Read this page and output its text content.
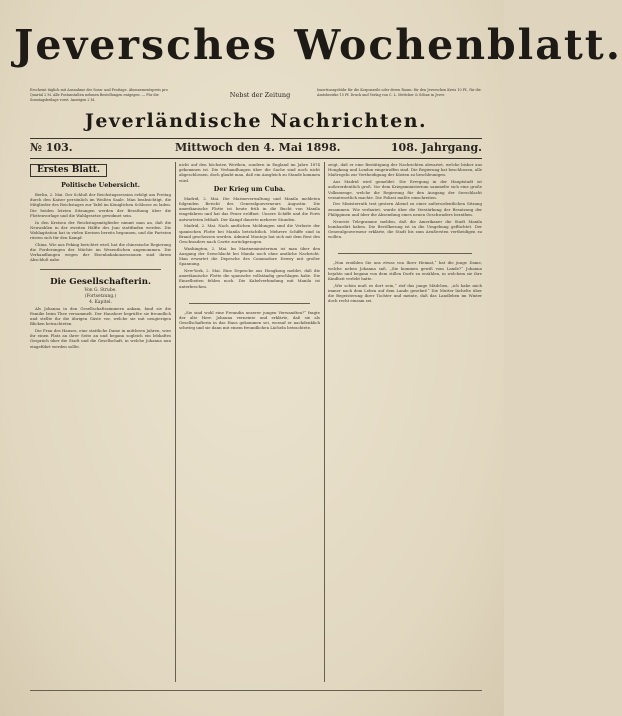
Jeversches Wochenblatt.
Erscheint täglich mit Ausnahme der Sonn- und Festtage. Abonnementspreis pro Quartal 2 M. Alle Postanstalten nehmen Bestellungen entgegen. — Für die Sonntagsbeilage vorst. Anzeigen 2 M.
Nebst der Zeitung
Insertionsgebühr für die Korpuszeile oder deren Raum: für den Jeverschen Kreis 10 Pf., für die Amtsbezirke 15 Pf. Druck und Verlag von C. L. Mettcker & Söhne in Jever.
Jeverländische Nachrichten.
№ 103.	Mittwoch den 4. Mai 1898.	108. Jahrgang.
Erstes Blatt.
Politische Uebersicht.

Berlin, 2. Mai. Der Schluß der Reichstagssession erfolgt am Freitag durch den Kaiser persönlich im Weißen Saale. Man beabsichtigt, die Mitglieder des Reichstages zur Tafel im Königlichen Schlosse zu laden. Die beiden letzten Sitzungen werden der Berathung über die Flottenvorlage und die Wahlgesetze gewidmet sein.

In den Kreisen der Reichstagsmitglieder nimmt man an, daß die Neuwahlen in der zweiten Hälfte des Juni stattfinden werden. Die Wahlagitation hat in vielen Kreisen bereits begonnen, und die Parteien rüsten sich für den Kampf.

China. Wie aus Peking berichtet wird, hat die chinesische Regierung die Forderungen der Mächte im Wesentlichen angenommen. Die Verhandlungen wegen der Eisenbahnkonzessionen sind ihrem Abschluß nahe.

Die Gesellschafterin.
Von G. Strube.
(Fortsetzung.)
4. Kapitel.

Als Johanna in den Gesellschaftszimmern ankam, fand sie die Familie beim Thee versammelt. Der Hausherr begrüßte sie freundlich und stellte ihr die übrigen Gäste vor, welche sie mit neugierigen Blicken betrachteten.

Die Frau des Hauses, eine stattliche Dame in mittleren Jahren, wies ihr einen Platz an ihrer Seite an und begann sogleich ein lebhaftes Gespräch über die Stadt und die Gesellschaft, in welche Johanna nun eingeführt werden sollte.

nicht auf den höchsten Werthen, sondern in England im Jahre 1874 gekommen ist. Die Verhandlungen über die Sache sind noch nicht abgeschlossen, doch glaubt man, daß ein Ausgleich zu Stande kommen wird.

Der Krieg um Cuba.

Madrid, 2. Mai. Die Marineverwaltung und Manila meldeten folgenden Bericht des Generalgouverneurs Augustin: Die amerikanische Flotte ist heute früh in die Bucht von Manila eingefahren und hat das Feuer eröffnet. Unsere Schiffe und die Forts antworteten lebhaft. Der Kampf dauerte mehrere Stunden.

Madrid, 2. Mai. Nach amtlichen Meldungen sind die Verluste der spanischen Flotte bei Manila beträchtlich. Mehrere Schiffe sind in Brand geschossen worden. Admiral Montojo hat sich mit dem Rest des Geschwaders nach Cavite zurückgezogen.

Washington, 2. Mai. Im Marineministerium ist man über den Ausgang der Seeschlacht bei Manila noch ohne amtliche Nachricht. Man erwartet die Depesche des Commodore Dewey mit großer Spannung.

New-York, 2. Mai. Eine Depesche aus Hongkong meldet, daß die amerikanische Flotte die spanische vollständig geschlagen habe. Die Einzelheiten fehlen noch. Die Kabelverbindung mit Manila ist unterbrochen.

„Sie sind wohl eine Freundin unserer jungen Verwandten?“ fragte der alte Herr. Johanna verneinte und erklärte, daß sie als Gesellschafterin in das Haus gekommen sei, worauf er nachdenklich schwieg und sie dann mit einem freundlichen Lächeln betrachtete.

zeigt, daß er eine Bestätigung der Nachrichten abwartet, welche bisher aus Hongkong und London eingetroffen sind. Die Regierung hat beschlossen, alle Maßregeln zur Vertheidigung der Küsten zu beschleunigen.

Aus Madrid wird gemeldet: Die Erregung in der Hauptstadt ist außerordentlich groß. Vor dem Kriegsministerium sammelte sich eine große Volksmenge, welche die Regierung für den Ausgang der Seeschlacht verantwortlich machte. Die Polizei mußte einschreiten.

Der Ministerrath trat gestern Abend zu einer außerordentlichen Sitzung zusammen. Wie verlautet, wurde über die Verstärkung der Besatzung der Philippinen und über die Absendung eines neuen Geschwaders berathen.

Neueste Telegramme melden, daß die Amerikaner die Stadt Manila bombardirt haben. Die Bevölkerung ist in die Umgebung geflüchtet. Der Generalgouverneur erklärte, die Stadt bis zum Aeußersten vertheidigen zu wollen.

„Nun erzählen Sie uns etwas von Ihrer Heimat,“ bat die junge Dame, welche neben Johanna saß. „Sie kommen gewiß vom Lande?“ Johanna bejahte und begann von dem stillen Dorfe zu erzählen, in welchem sie ihre Kindheit verlebt hatte.

„Wie schön muß es dort sein,“ rief das junge Mädchen, „ich habe mich immer nach dem Leben auf dem Lande gesehnt!“ Die Mutter lächelte über die Begeisterung ihrer Tochter und meinte, daß das Landleben im Winter doch recht einsam sei.
